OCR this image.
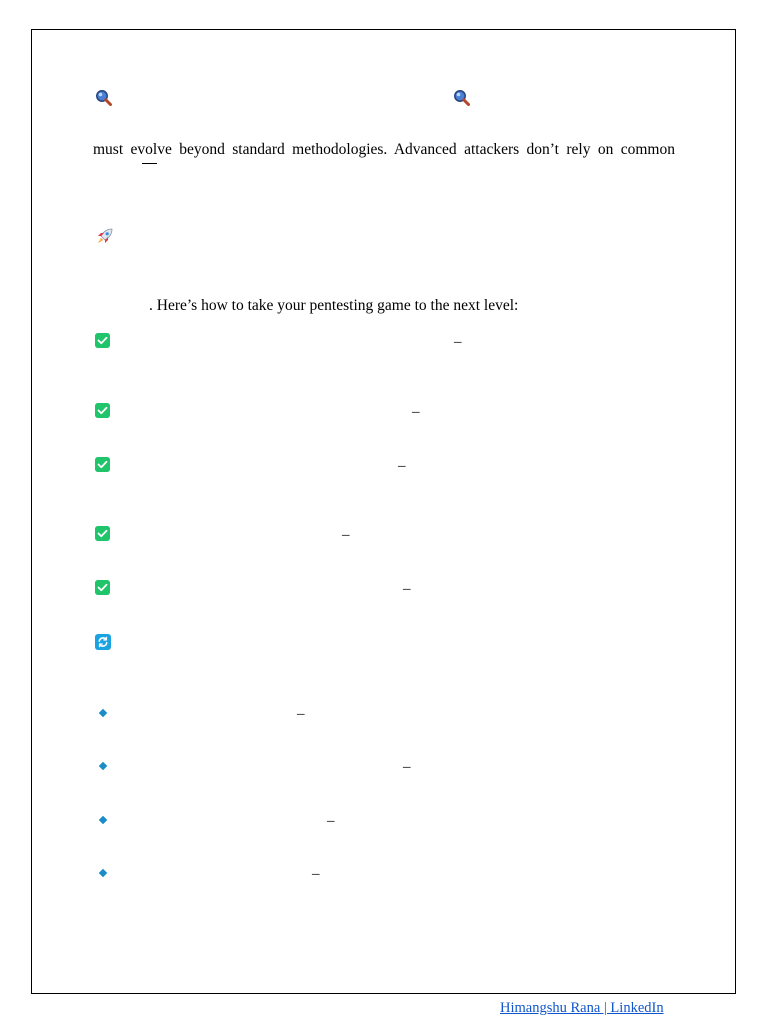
must evolve beyond standard methodologies. Advanced attackers don’t rely on common
. Here’s how to take your pentesting game to the next level:
–
–
–
–
–
–
–
–
–
Himangshu Rana | LinkedIn
